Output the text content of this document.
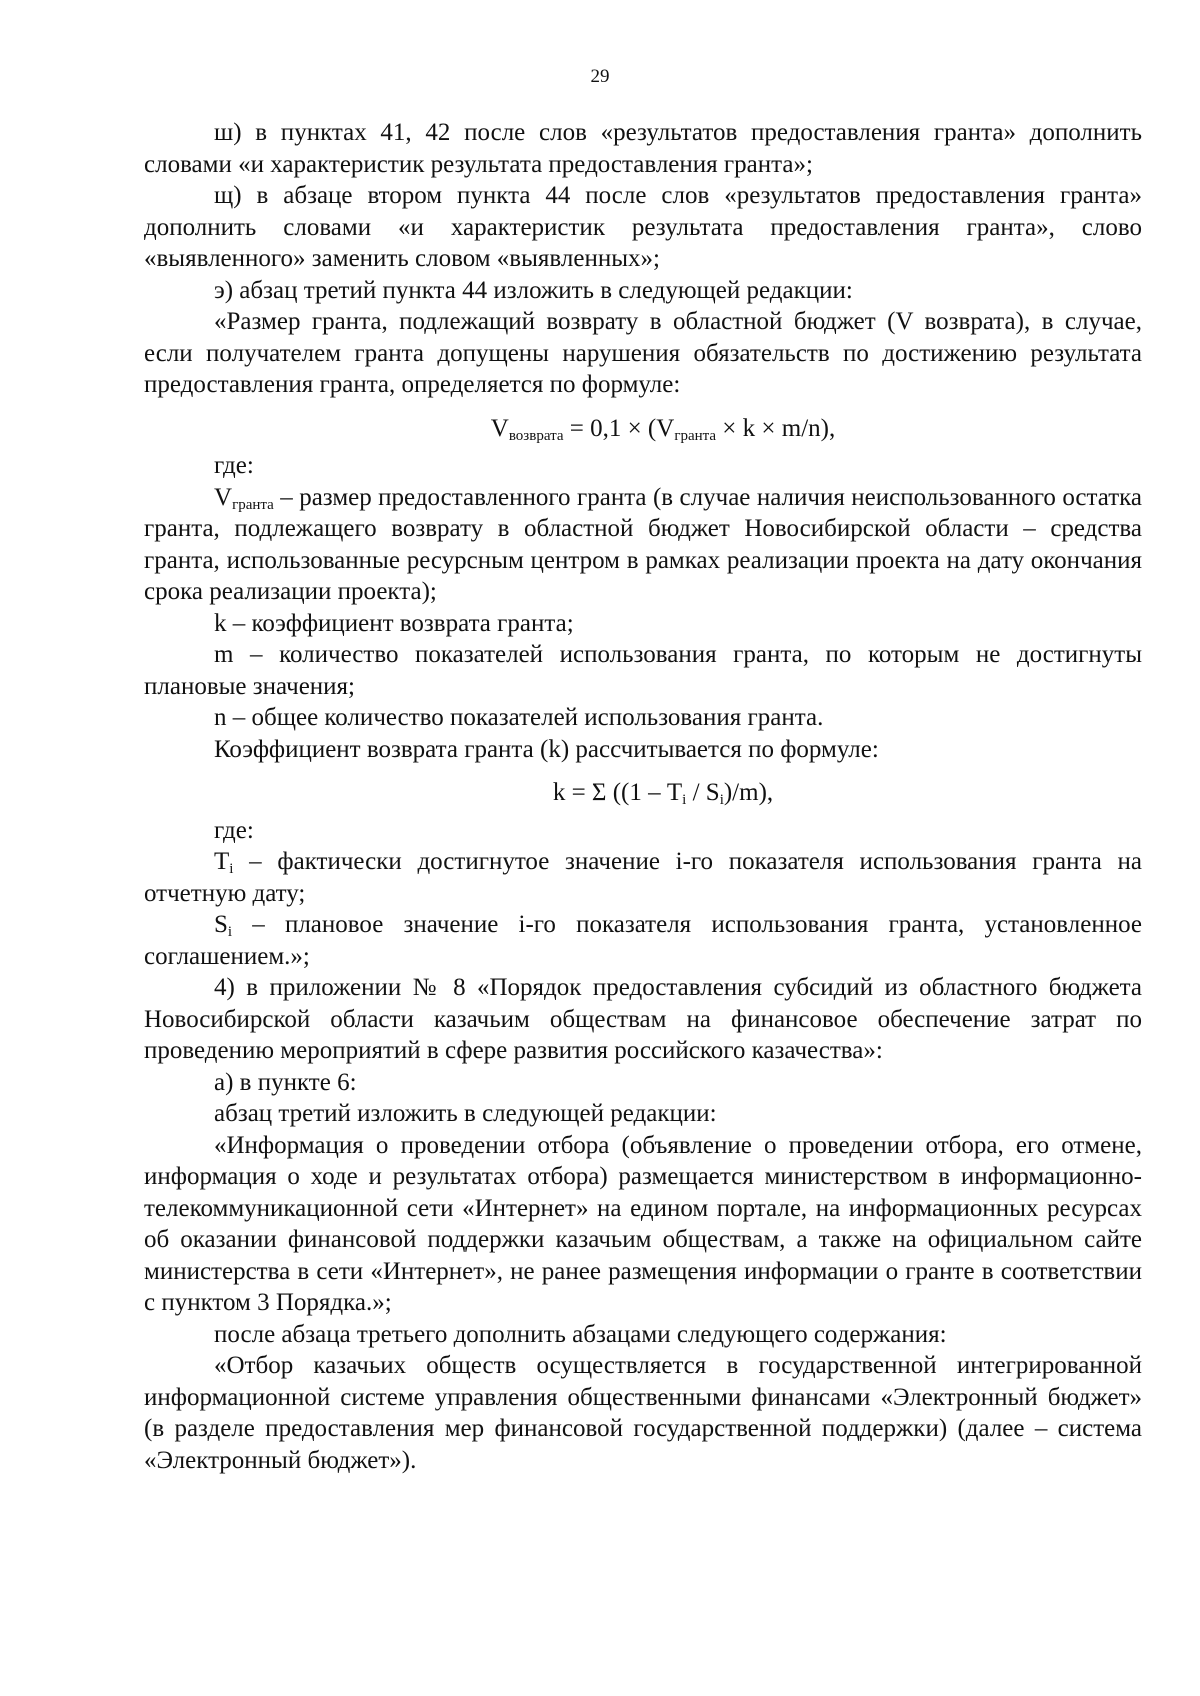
29

ш) в пунктах 41, 42 после слов «результатов предоставления гранта» дополнить словами «и характеристик результата предоставления гранта»;

щ) в абзаце втором пункта 44 после слов «результатов предоставления гранта» дополнить словами «и характеристик результата предоставления гранта», слово «выявленного» заменить словом «выявленных»;

э) абзац третий пункта 44 изложить в следующей редакции:

«Размер гранта, подлежащий возврату в областной бюджет (V возврата), в случае, если получателем гранта допущены нарушения обязательств по достижению результата предоставления гранта, определяется по формуле:

$V_{возврата} = 0,1 \times (V_{гранта} \times k \times m/n)$,

где:

$V_{гранта}$ – размер предоставленного гранта (в случае наличия неиспользованного остатка гранта, подлежащего возврату в областной бюджет Новосибирской области – средства гранта, использованные ресурсным центром в рамках реализации проекта на дату окончания срока реализации проекта);

k – коэффициент возврата гранта;

m – количество показателей использования гранта, по которым не достигнуты плановые значения;

n – общее количество показателей использования гранта.

Коэффициент возврата гранта (k) рассчитывается по формуле:

k = Σ $((1 - T_i / S_i)/m)$,

где:

$T_i$ – фактически достигнутое значение i-го показателя использования гранта на отчетную дату;

$S_i$ – плановое значение i-го показателя использования гранта, установленное соглашением.»;

4) в приложении № 8 «Порядок предоставления субсидий из областного бюджета Новосибирской области казачьим обществам на финансовое обеспечение затрат по проведению мероприятий в сфере развития российского казачества»:

а) в пункте 6:

абзац третий изложить в следующей редакции:

«Информация о проведении отбора (объявление о проведении отбора, его отмене, информация о ходе и результатах отбора) размещается министерством в информационно-телекоммуникационной сети «Интернет» на едином портале, на информационных ресурсах об оказании финансовой поддержки казачьим обществам, а также на официальном сайте министерства в сети «Интернет», не ранее размещения информации о гранте в соответствии с пунктом 3 Порядка.»;

после абзаца третьего дополнить абзацами следующего содержания:

«Отбор казачьих обществ осуществляется в государственной интегрированной информационной системе управления общественными финансами «Электронный бюджет» (в разделе предоставления мер финансовой государственной поддержки) (далее – система «Электронный бюджет»).
